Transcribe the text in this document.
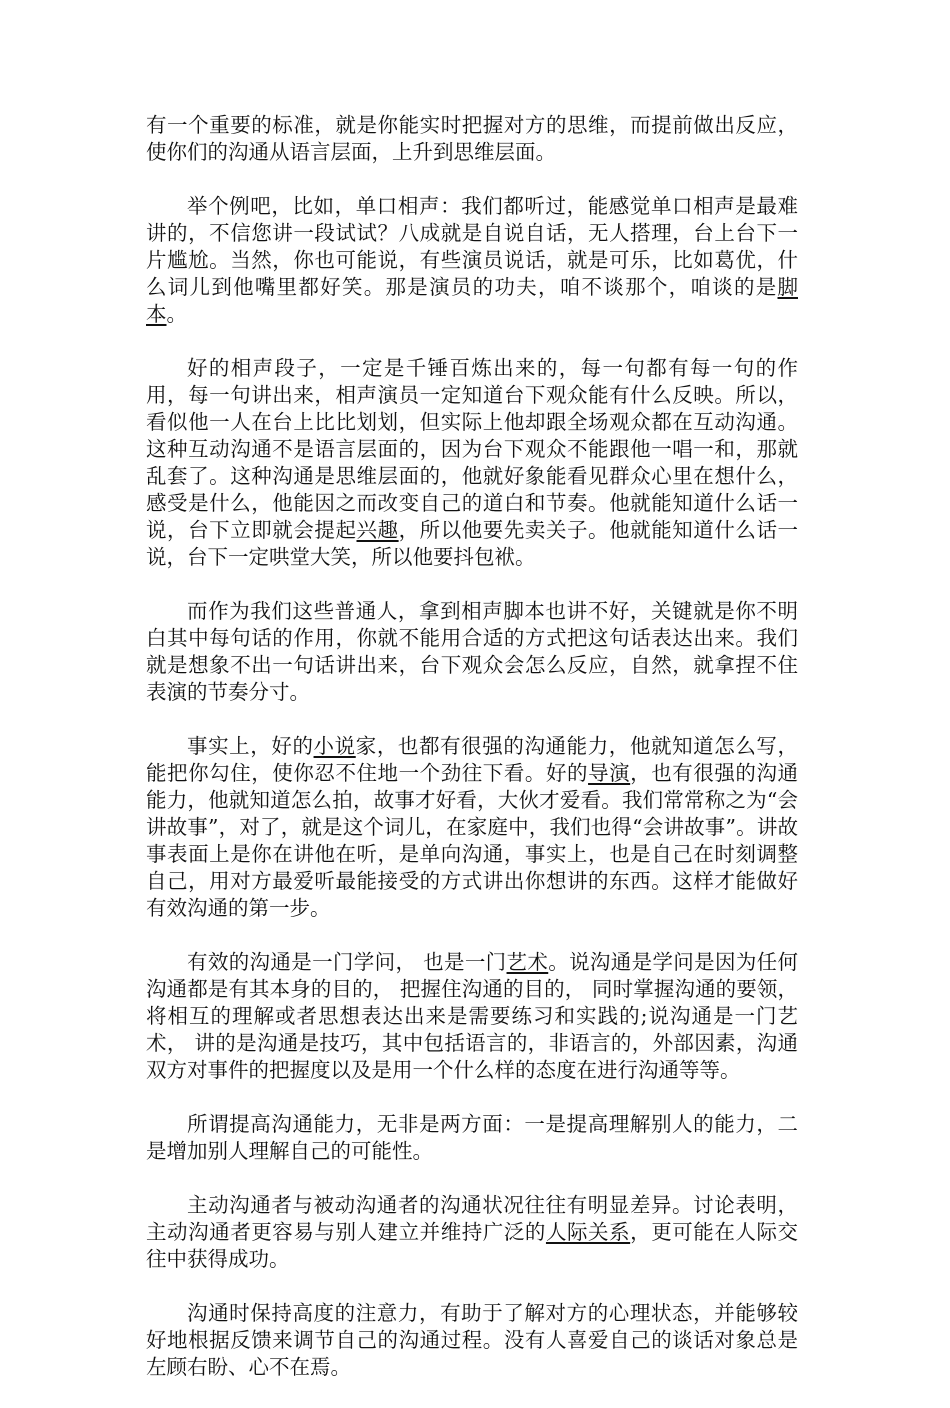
有一个重要的标准，就是你能实时把握对方的思维，而提前做出反应，使你们的沟通从语言层面，上升到思维层面。

举个例吧，比如，单口相声：我们都听过，能感觉单口相声是最难讲的，不信您讲一段试试？八成就是自说自话，无人搭理，台上台下一片尴尬。当然，你也可能说，有些演员说话，就是可乐，比如葛优，什么词儿到他嘴里都好笑。那是演员的功夫，咱不谈那个，咱谈的是脚本。

好的相声段子，一定是千锤百炼出来的，每一句都有每一句的作用，每一句讲出来，相声演员一定知道台下观众能有什么反映。所以，看似他一人在台上比比划划，但实际上他却跟全场观众都在互动沟通。这种互动沟通不是语言层面的，因为台下观众不能跟他一唱一和，那就乱套了。这种沟通是思维层面的，他就好象能看见群众心里在想什么，感受是什么，他能因之而改变自己的道白和节奏。他就能知道什么话一说，台下立即就会提起兴趣，所以他要先卖关子。他就能知道什么话一说，台下一定哄堂大笑，所以他要抖包袱。

而作为我们这些普通人，拿到相声脚本也讲不好，关键就是你不明白其中每句话的作用，你就不能用合适的方式把这句话表达出来。我们就是想象不出一句话讲出来，台下观众会怎么反应，自然，就拿捏不住表演的节奏分寸。

事实上，好的小说家，也都有很强的沟通能力，他就知道怎么写，能把你勾住，使你忍不住地一个劲往下看。好的导演，也有很强的沟通能力，他就知道怎么拍，故事才好看，大伙才爱看。我们常常称之为“会讲故事”，对了，就是这个词儿，在家庭中，我们也得“会讲故事”。讲故事表面上是你在讲他在听，是单向沟通，事实上，也是自己在时刻调整自己，用对方最爱听最能接受的方式讲出你想讲的东西。这样才能做好有效沟通的第一步。

有效的沟通是一门学问， 也是一门艺术。说沟通是学问是因为任何沟通都是有其本身的目的， 把握住沟通的目的， 同时掌握沟通的要领， 将相互的理解或者思想表达出来是需要练习和实践的;说沟通是一门艺术， 讲的是沟通是技巧，其中包括语言的，非语言的，外部因素，沟通双方对事件的把握度以及是用一个什么样的态度在进行沟通等等。

所谓提高沟通能力，无非是两方面：一是提高理解别人的能力，二是增加别人理解自己的可能性。

主动沟通者与被动沟通者的沟通状况往往有明显差异。讨论表明，主动沟通者更容易与别人建立并维持广泛的人际关系，更可能在人际交往中获得成功。

沟通时保持高度的注意力，有助于了解对方的心理状态，并能够较好地根据反馈来调节自己的沟通过程。没有人喜爱自己的谈话对象总是左顾右盼、心不在焉。
